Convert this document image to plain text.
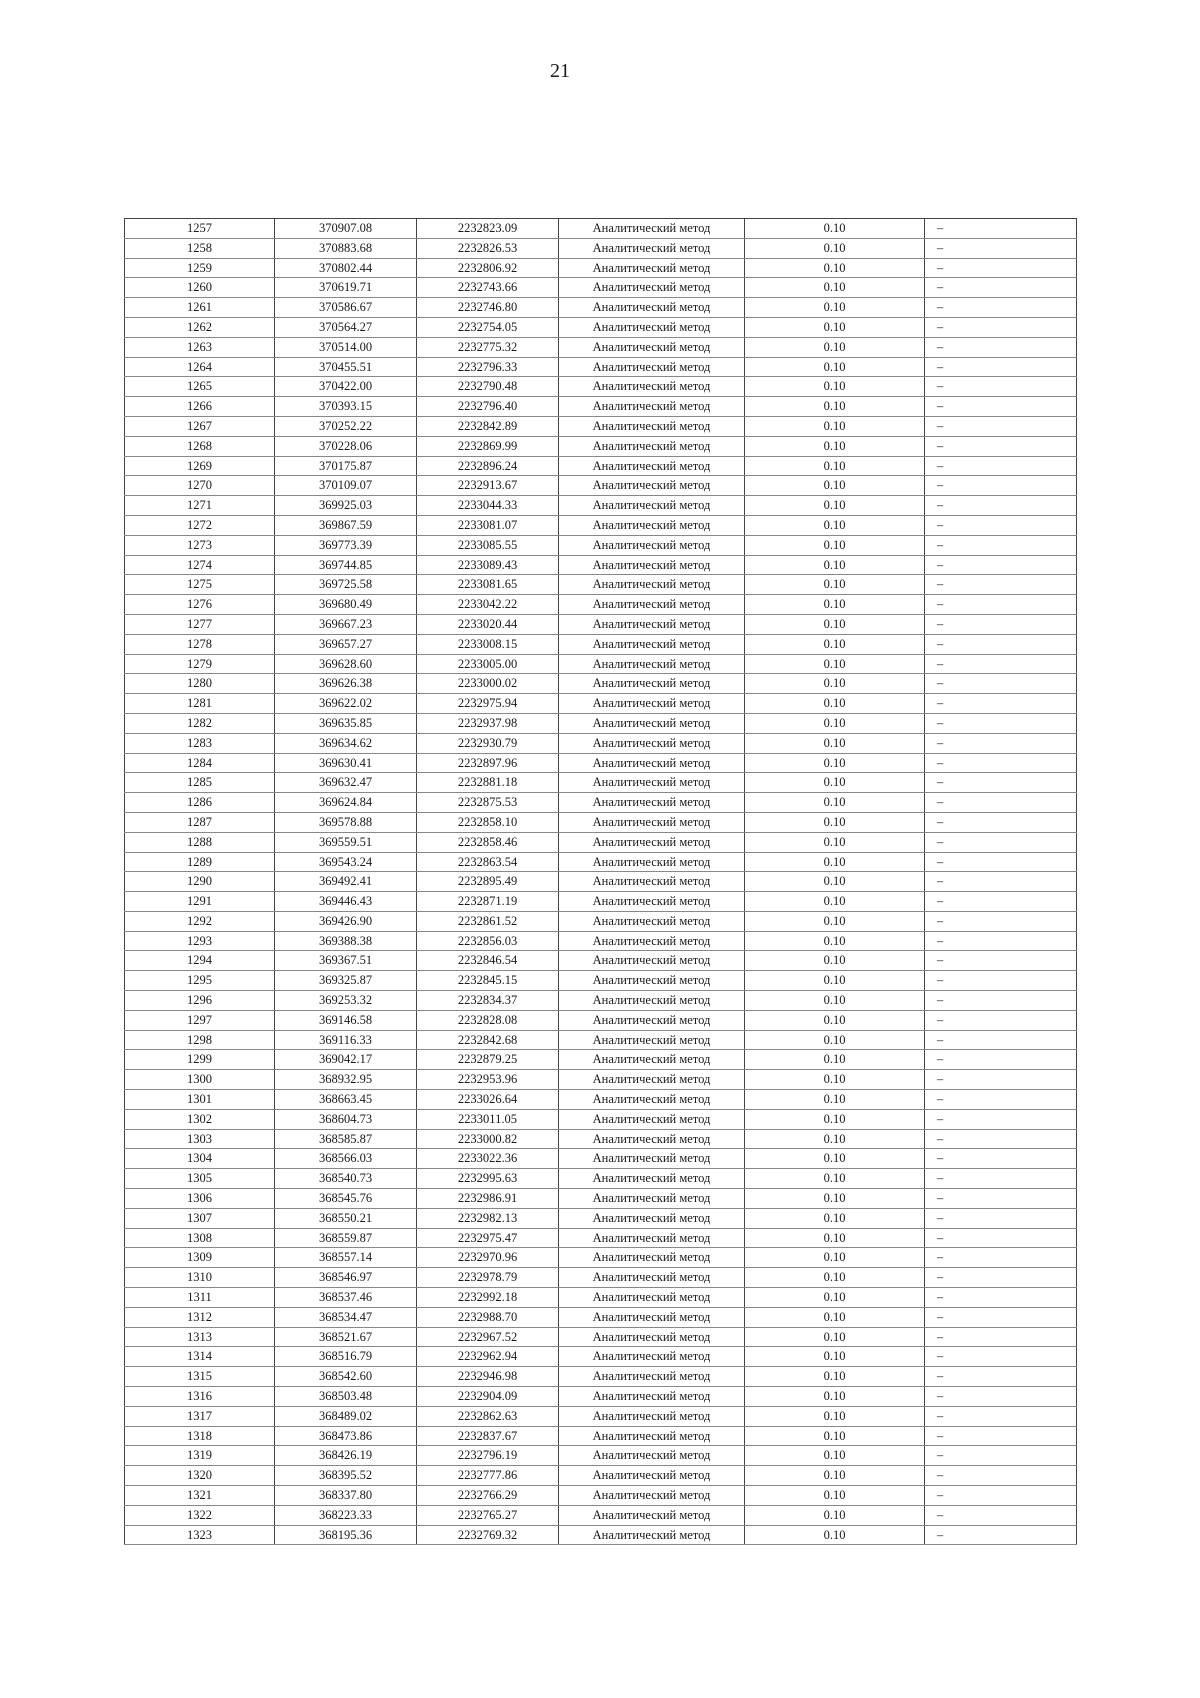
21
1257	370907.08	2232823.09	Аналитический метод	0.10	–
1258	370883.68	2232826.53	Аналитический метод	0.10	–
1259	370802.44	2232806.92	Аналитический метод	0.10	–
1260	370619.71	2232743.66	Аналитический метод	0.10	–
1261	370586.67	2232746.80	Аналитический метод	0.10	–
1262	370564.27	2232754.05	Аналитический метод	0.10	–
1263	370514.00	2232775.32	Аналитический метод	0.10	–
1264	370455.51	2232796.33	Аналитический метод	0.10	–
1265	370422.00	2232790.48	Аналитический метод	0.10	–
1266	370393.15	2232796.40	Аналитический метод	0.10	–
1267	370252.22	2232842.89	Аналитический метод	0.10	–
1268	370228.06	2232869.99	Аналитический метод	0.10	–
1269	370175.87	2232896.24	Аналитический метод	0.10	–
1270	370109.07	2232913.67	Аналитический метод	0.10	–
1271	369925.03	2233044.33	Аналитический метод	0.10	–
1272	369867.59	2233081.07	Аналитический метод	0.10	–
1273	369773.39	2233085.55	Аналитический метод	0.10	–
1274	369744.85	2233089.43	Аналитический метод	0.10	–
1275	369725.58	2233081.65	Аналитический метод	0.10	–
1276	369680.49	2233042.22	Аналитический метод	0.10	–
1277	369667.23	2233020.44	Аналитический метод	0.10	–
1278	369657.27	2233008.15	Аналитический метод	0.10	–
1279	369628.60	2233005.00	Аналитический метод	0.10	–
1280	369626.38	2233000.02	Аналитический метод	0.10	–
1281	369622.02	2232975.94	Аналитический метод	0.10	–
1282	369635.85	2232937.98	Аналитический метод	0.10	–
1283	369634.62	2232930.79	Аналитический метод	0.10	–
1284	369630.41	2232897.96	Аналитический метод	0.10	–
1285	369632.47	2232881.18	Аналитический метод	0.10	–
1286	369624.84	2232875.53	Аналитический метод	0.10	–
1287	369578.88	2232858.10	Аналитический метод	0.10	–
1288	369559.51	2232858.46	Аналитический метод	0.10	–
1289	369543.24	2232863.54	Аналитический метод	0.10	–
1290	369492.41	2232895.49	Аналитический метод	0.10	–
1291	369446.43	2232871.19	Аналитический метод	0.10	–
1292	369426.90	2232861.52	Аналитический метод	0.10	–
1293	369388.38	2232856.03	Аналитический метод	0.10	–
1294	369367.51	2232846.54	Аналитический метод	0.10	–
1295	369325.87	2232845.15	Аналитический метод	0.10	–
1296	369253.32	2232834.37	Аналитический метод	0.10	–
1297	369146.58	2232828.08	Аналитический метод	0.10	–
1298	369116.33	2232842.68	Аналитический метод	0.10	–
1299	369042.17	2232879.25	Аналитический метод	0.10	–
1300	368932.95	2232953.96	Аналитический метод	0.10	–
1301	368663.45	2233026.64	Аналитический метод	0.10	–
1302	368604.73	2233011.05	Аналитический метод	0.10	–
1303	368585.87	2233000.82	Аналитический метод	0.10	–
1304	368566.03	2233022.36	Аналитический метод	0.10	–
1305	368540.73	2232995.63	Аналитический метод	0.10	–
1306	368545.76	2232986.91	Аналитический метод	0.10	–
1307	368550.21	2232982.13	Аналитический метод	0.10	–
1308	368559.87	2232975.47	Аналитический метод	0.10	–
1309	368557.14	2232970.96	Аналитический метод	0.10	–
1310	368546.97	2232978.79	Аналитический метод	0.10	–
1311	368537.46	2232992.18	Аналитический метод	0.10	–
1312	368534.47	2232988.70	Аналитический метод	0.10	–
1313	368521.67	2232967.52	Аналитический метод	0.10	–
1314	368516.79	2232962.94	Аналитический метод	0.10	–
1315	368542.60	2232946.98	Аналитический метод	0.10	–
1316	368503.48	2232904.09	Аналитический метод	0.10	–
1317	368489.02	2232862.63	Аналитический метод	0.10	–
1318	368473.86	2232837.67	Аналитический метод	0.10	–
1319	368426.19	2232796.19	Аналитический метод	0.10	–
1320	368395.52	2232777.86	Аналитический метод	0.10	–
1321	368337.80	2232766.29	Аналитический метод	0.10	–
1322	368223.33	2232765.27	Аналитический метод	0.10	–
1323	368195.36	2232769.32	Аналитический метод	0.10	–
